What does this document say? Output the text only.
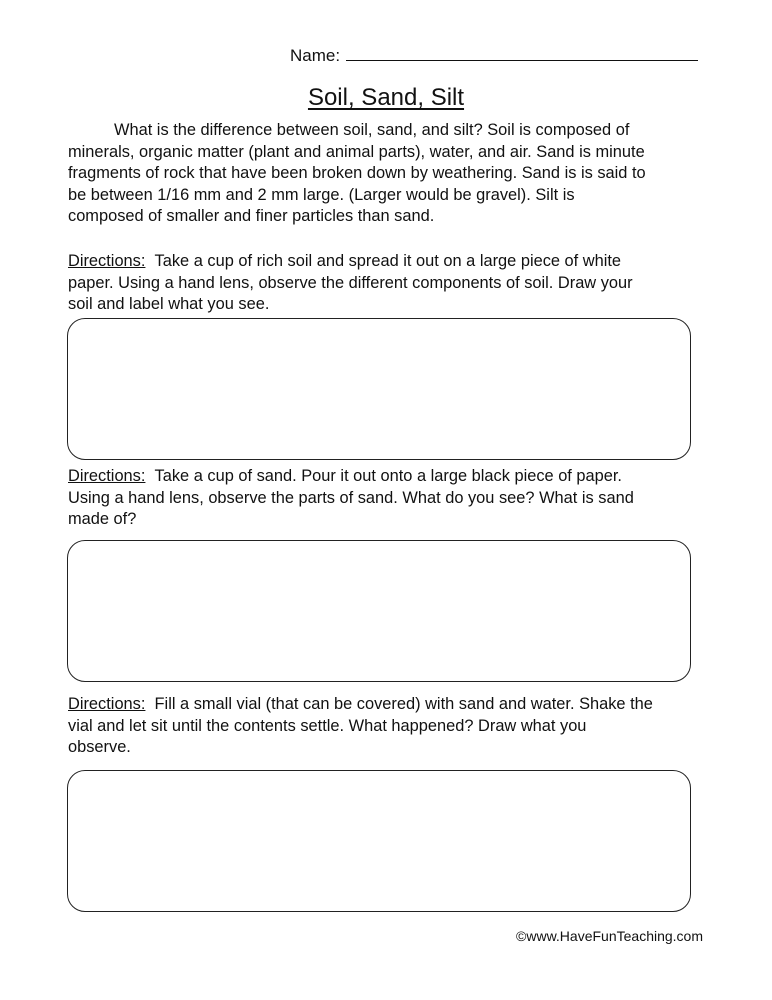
Name:
Soil, Sand, Silt
What is the difference between soil, sand, and silt? Soil is composed of
minerals, organic matter (plant and animal parts), water, and air. Sand is minute
fragments of rock that have been broken down by weathering. Sand is is said to
be between 1/16 mm and 2 mm large. (Larger would be gravel). Silt is
composed of smaller and finer particles than sand.
Directions: Take a cup of rich soil and spread it out on a large piece of white
paper. Using a hand lens, observe the different components of soil. Draw your
soil and label what you see.
Directions: Take a cup of sand. Pour it out onto a large black piece of paper.
Using a hand lens, observe the parts of sand. What do you see? What is sand
made of?
Directions: Fill a small vial (that can be covered) with sand and water. Shake the
vial and let sit until the contents settle. What happened? Draw what you
observe.
©www.HaveFunTeaching.com
